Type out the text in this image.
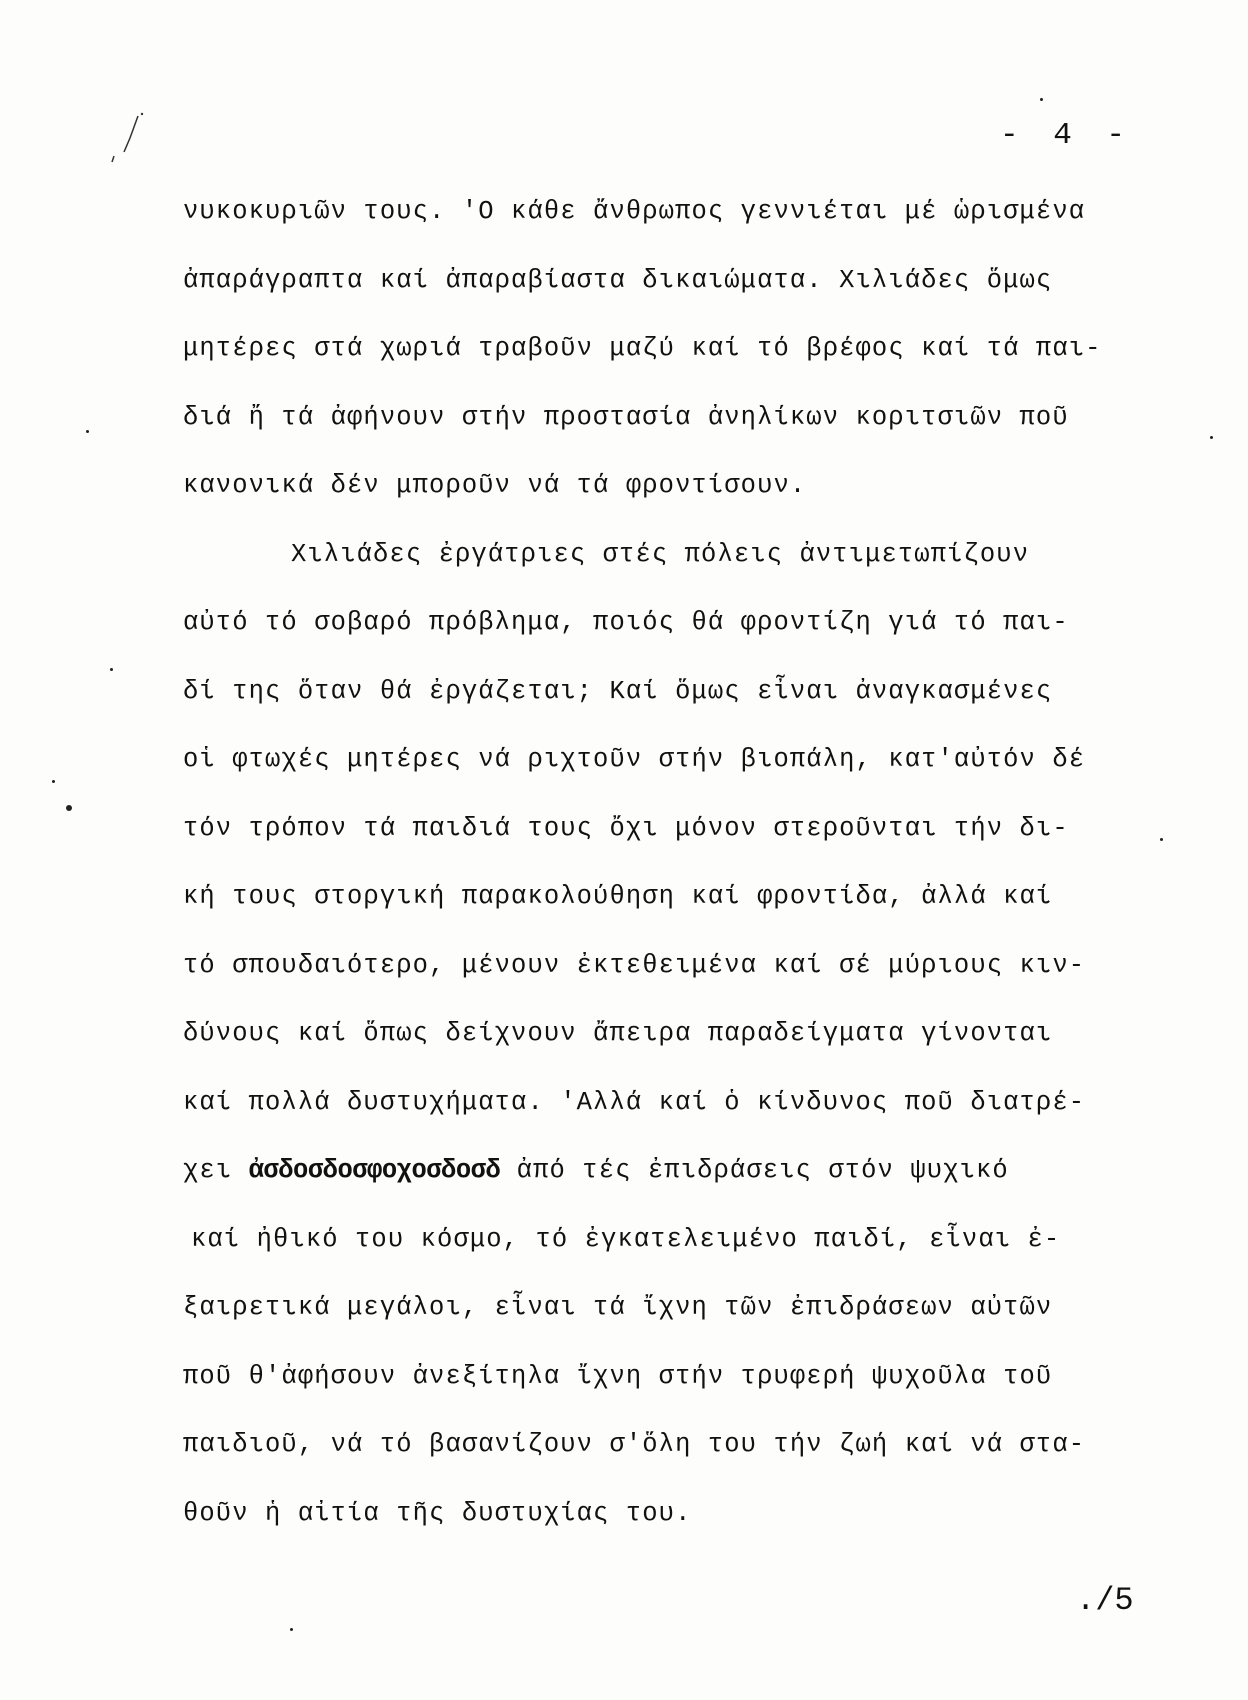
- 4 -
νυκοκυριῶν τους. 'Ο κάθε ἄνθρωπος γεννιέται μέ ὡρισμένα
ἀπαράγραπτα καί ἀπαραβίαστα δικαιώματα. Χιλιάδες ὅμως
μητέρες στά χωριά τραβοῦν μαζύ καί τό βρέφος καί τά παι-
διά ἤ τά ἀφήνουν στήν προστασία ἀνηλίκων κοριτσιῶν ποῦ
κανονικά δέν μποροῦν νά τά φροντίσουν.
Χιλιάδες ἐργάτριες στές πόλεις ἀντιμετωπίζουν
αὐτό τό σοβαρό πρόβλημα, ποιός θά φροντίζη γιά τό παι-
δί της ὅταν θά ἐργάζεται; Καί ὅμως εἶναι ἀναγκασμένες
οἱ φτωχές μητέρες νά ριχτοῦν στήν βιοπάλη, κατ'αὐτόν δέ
τόν τρόπον τά παιδιά τους ὄχι μόνον στεροῦνται τήν δι-
κή τους στοργική παρακολούθηση καί φροντίδα, ἀλλά καί
τό σπουδαιότερο, μένουν ἐκτεθειμένα καί σέ μύριους κιν-
δύνους καί ὅπως δείχνουν ἄπειρα παραδείγματα γίνονται
καί πολλά δυστυχήματα. 'Αλλά καί ὁ κίνδυνος ποῦ διατρέ-
χει ἀσδοσδοσφοχοσδοσδ ἀπό τές ἐπιδράσεις στόν ψυχικό
καί ἠθικό του κόσμο, τό ἐγκατελειμένο παιδί, εἶναι ἐ-
ξαιρετικά μεγάλοι, εἶναι τά ἴχνη τῶν ἐπιδράσεων αὐτῶν
ποῦ θ'ἀφήσουν ἀνεξίτηλα ἴχνη στήν τρυφερή ψυχοῦλα τοῦ
παιδιοῦ, νά τό βασανίζουν σ'ὅλη του τήν ζωή καί νά στα-
θοῦν ἡ αἰτία τῆς δυστυχίας του.
./5
